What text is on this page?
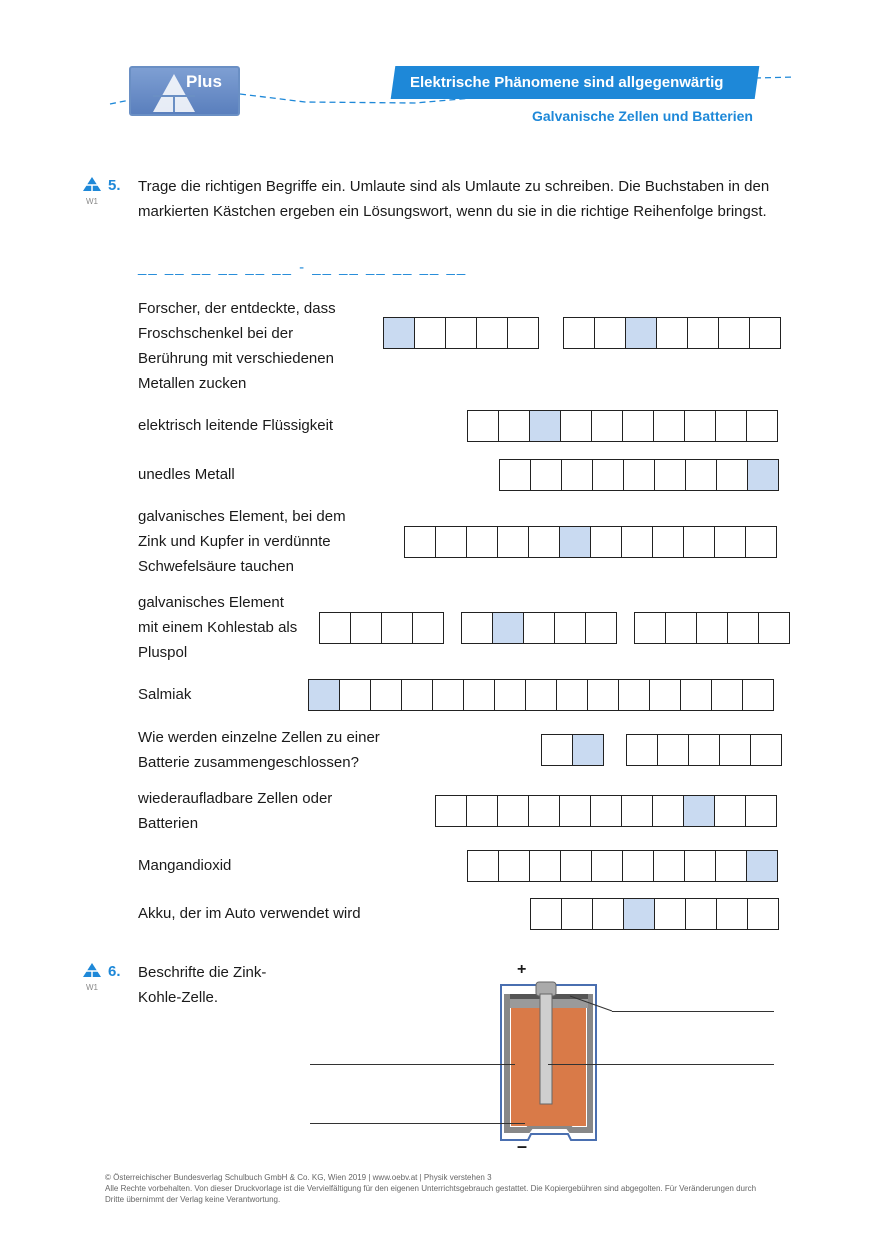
Plus	Elektrische Phänomene sind allgegenwärtig
Galvanische Zellen und Batterien
5.
W1
Trage die richtigen Begriffe ein. Umlaute sind als Umlaute zu schreiben. Die Buchstaben in den markierten Kästchen ergeben ein Lösungswort, wenn du sie in die richtige Reihenfolge bringst.
__ __ __ __ __ __ - __ __ __ __ __ __
Forscher, der entdeckte, dass Froschschenkel bei der Berührung mit verschiedenen Metallen zucken
elektrisch leitende Flüssigkeit
unedles Metall
galvanisches Element, bei dem Zink und Kupfer in verdünnte Schwefelsäure tauchen
galvanisches Element mit einem Kohlestab als Pluspol
Salmiak
Wie werden einzelne Zellen zu einer Batterie zusammengeschlossen?
wiederaufladbare Zellen oder Batterien
Mangandioxid
Akku, der im Auto verwendet wird
6.
W1
Beschrifte die Zink-Kohle-Zelle.
+
–
© Österreichischer Bundesverlag Schulbuch GmbH & Co. KG, Wien 2019 | www.oebv.at | Physik verstehen 3
Alle Rechte vorbehalten. Von dieser Druckvorlage ist die Vervielfältigung für den eigenen Unterrichtsgebrauch gestattet. Die Kopiergebühren sind abgegolten. Für Veränderungen durch Dritte übernimmt der Verlag keine Verantwortung.
